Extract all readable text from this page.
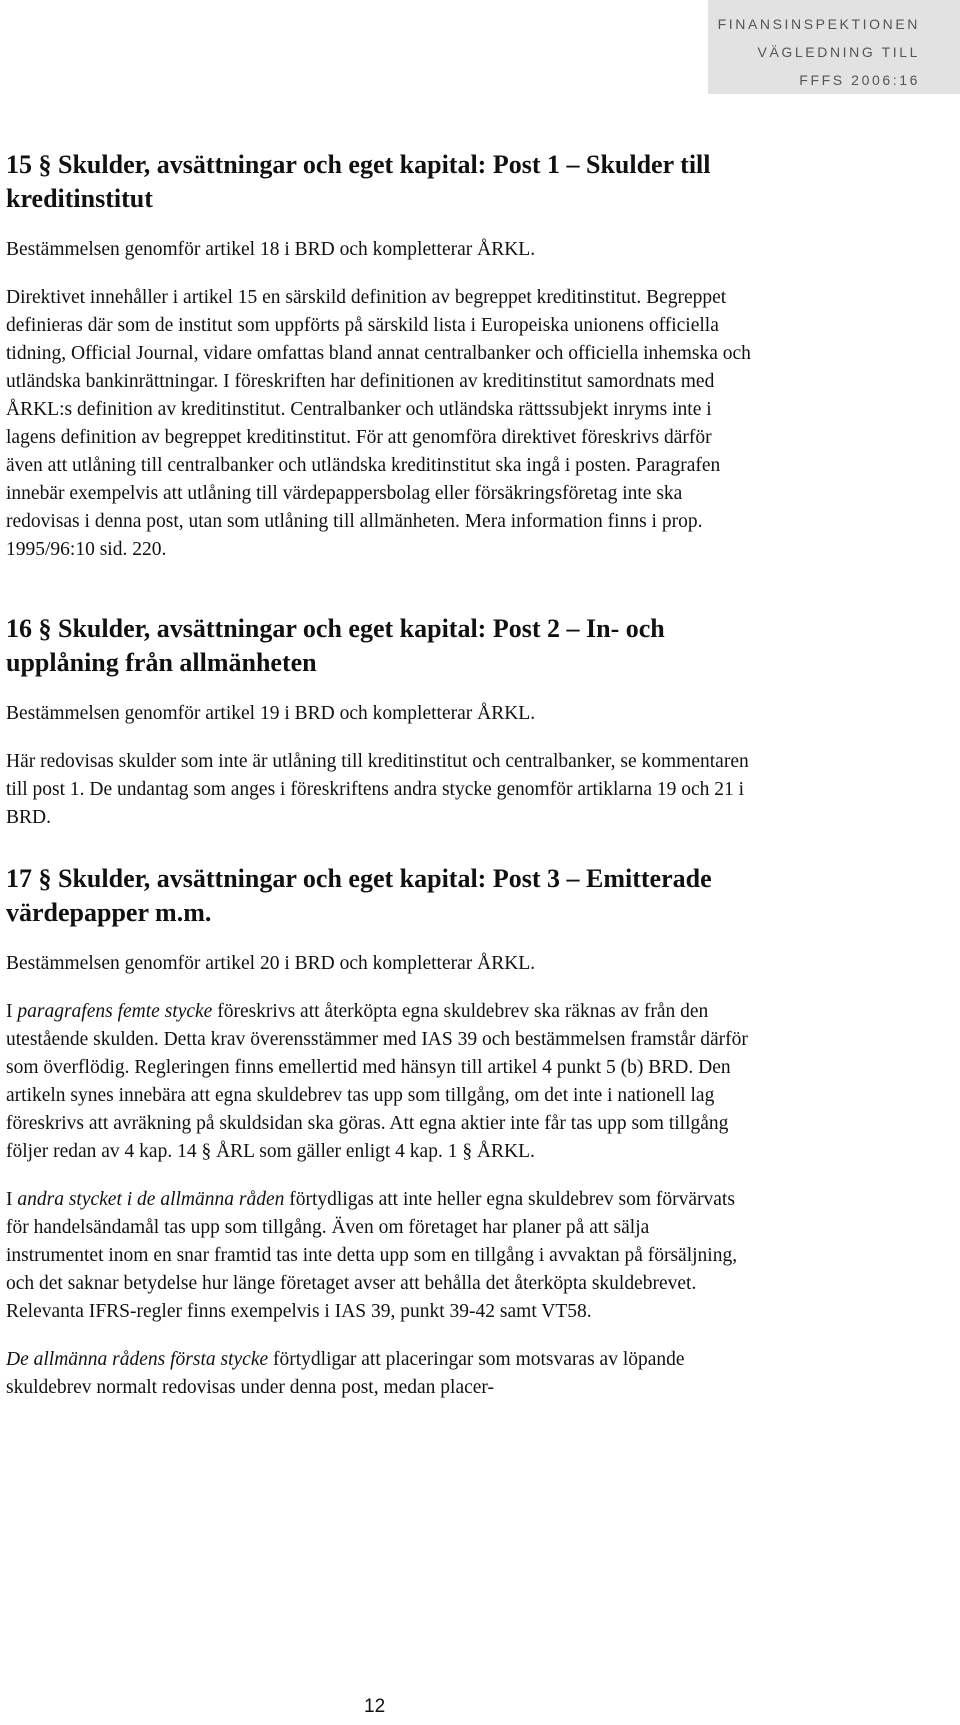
FINANSINSPEKTIONEN
VÄGLEDNING TILL
FFFS 2006:16
15 § Skulder, avsättningar och eget kapital: Post 1 – Skulder till kreditinstitut

Bestämmelsen genomför artikel 18 i BRD och kompletterar ÅRKL.

Direktivet innehåller i artikel 15 en särskild definition av begreppet kreditinstitut. Begreppet definieras där som de institut som uppförts på särskild lista i Europeiska unionens officiella tidning, Official Journal, vidare omfattas bland annat centralbanker och officiella inhemska och utländska bankinrättningar. I föreskriften har definitionen av kreditinstitut samordnats med ÅRKL:s definition av kreditinstitut. Centralbanker och utländska rättssubjekt inryms inte i lagens definition av begreppet kreditinstitut. För att genomföra direktivet föreskrivs därför även att utlåning till centralbanker och utländska kreditinstitut ska ingå i posten. Paragrafen innebär exempelvis att utlåning till värdepappersbolag eller försäkringsföretag inte ska redovisas i denna post, utan som utlåning till allmänheten. Mera information finns i prop. 1995/96:10 sid. 220.

16 § Skulder, avsättningar och eget kapital: Post 2 – In- och upplåning från allmänheten

Bestämmelsen genomför artikel 19 i BRD och kompletterar ÅRKL.

Här redovisas skulder som inte är utlåning till kreditinstitut och centralbanker, se kommentaren till post 1. De undantag som anges i föreskriftens andra stycke genomför artiklarna 19 och 21 i BRD.

17 § Skulder, avsättningar och eget kapital: Post 3 – Emitterade värdepapper m.m.

Bestämmelsen genomför artikel 20 i BRD och kompletterar ÅRKL.

I paragrafens femte stycke föreskrivs att återköpta egna skuldebrev ska räknas av från den utestående skulden. Detta krav överensstämmer med IAS 39 och bestämmelsen framstår därför som överflödig. Regleringen finns emellertid med hänsyn till artikel 4 punkt 5 (b) BRD. Den artikeln synes innebära att egna skuldebrev tas upp som tillgång, om det inte i nationell lag föreskrivs att avräkning på skuldsidan ska göras. Att egna aktier inte får tas upp som tillgång följer redan av 4 kap. 14 § ÅRL som gäller enligt 4 kap. 1 § ÅRKL.

I andra stycket i de allmänna råden förtydligas att inte heller egna skuldebrev som förvärvats för handelsändamål tas upp som tillgång. Även om företaget har planer på att sälja instrumentet inom en snar framtid tas inte detta upp som en tillgång i avvaktan på försäljning, och det saknar betydelse hur länge företaget avser att behålla det återköpta skuldebrevet. Relevanta IFRS-regler finns exempelvis i IAS 39, punkt 39-42 samt VT58.

De allmänna rådens första stycke förtydligar att placeringar som motsvaras av löpande skuldebrev normalt redovisas under denna post, medan placer-

12
